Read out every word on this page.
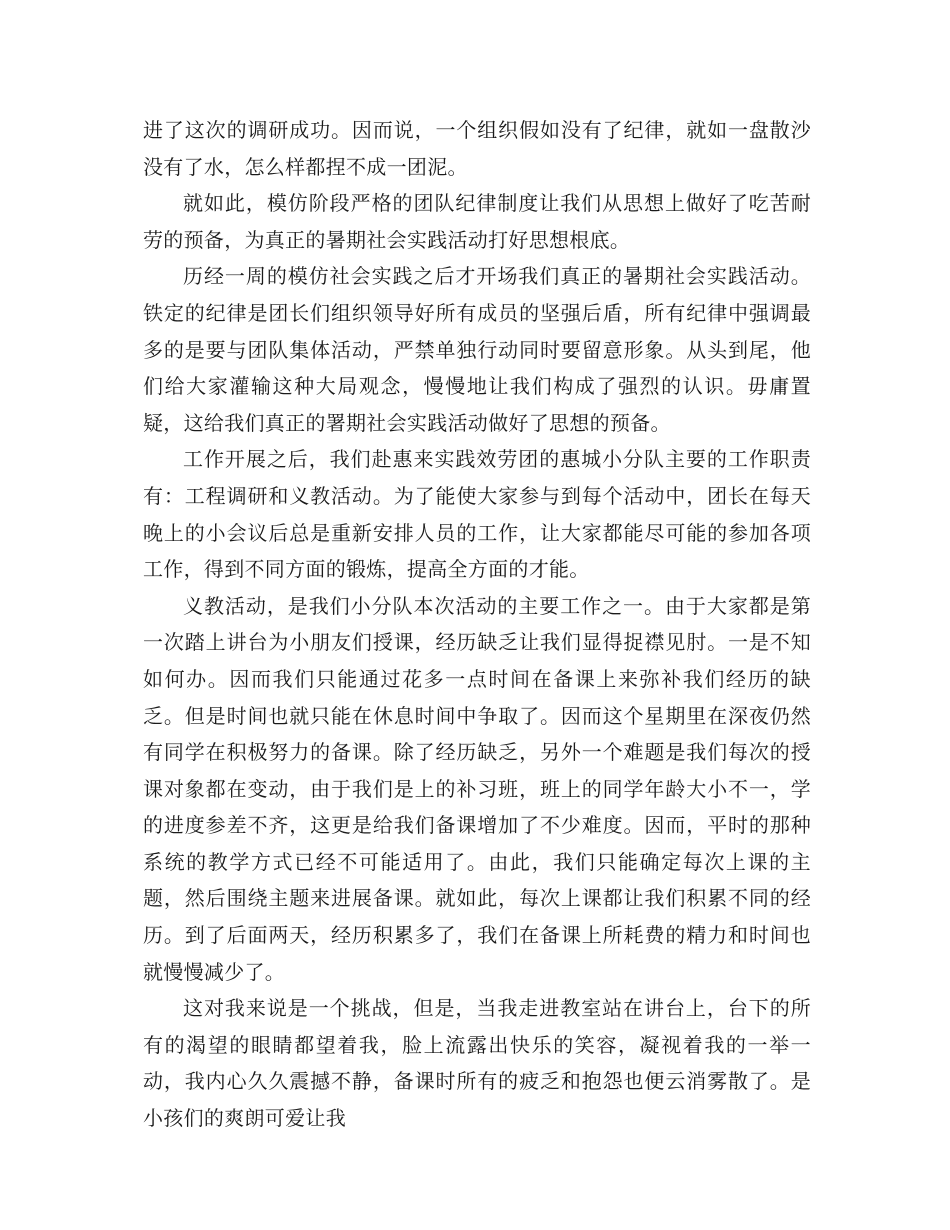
进了这次的调研成功。因而说，一个组织假如没有了纪律，就如一盘散沙没有了水，怎么样都捏不成一团泥。

就如此，模仿阶段严格的团队纪律制度让我们从思想上做好了吃苦耐劳的预备，为真正的暑期社会实践活动打好思想根底。

历经一周的模仿社会实践之后才开场我们真正的暑期社会实践活动。铁定的纪律是团长们组织领导好所有成员的坚强后盾，所有纪律中强调最多的是要与团队集体活动，严禁单独行动同时要留意形象。从头到尾，他们给大家灌输这种大局观念，慢慢地让我们构成了强烈的认识。毋庸置疑，这给我们真正的署期社会实践活动做好了思想的预备。

工作开展之后，我们赴惠来实践效劳团的惠城小分队主要的工作职责有：工程调研和义教活动。为了能使大家参与到每个活动中，团长在每天晚上的小会议后总是重新安排人员的工作，让大家都能尽可能的参加各项工作，得到不同方面的锻炼，提高全方面的才能。

义教活动，是我们小分队本次活动的主要工作之一。由于大家都是第一次踏上讲台为小朋友们授课，经历缺乏让我们显得捉襟见肘。一是不知如何办。因而我们只能通过花多一点时间在备课上来弥补我们经历的缺乏。但是时间也就只能在休息时间中争取了。因而这个星期里在深夜仍然有同学在积极努力的备课。除了经历缺乏，另外一个难题是我们每次的授课对象都在变动，由于我们是上的补习班，班上的同学年龄大小不一，学的进度参差不齐，这更是给我们备课增加了不少难度。因而，平时的那种系统的教学方式已经不可能适用了。由此，我们只能确定每次上课的主题，然后围绕主题来进展备课。就如此，每次上课都让我们积累不同的经历。到了后面两天，经历积累多了，我们在备课上所耗费的精力和时间也就慢慢减少了。

这对我来说是一个挑战，但是，当我走进教室站在讲台上，台下的所有的渴望的眼睛都望着我，脸上流露出快乐的笑容，凝视着我的一举一动，我内心久久震撼不静，备课时所有的疲乏和抱怨也便云消雾散了。是小孩们的爽朗可爱让我
